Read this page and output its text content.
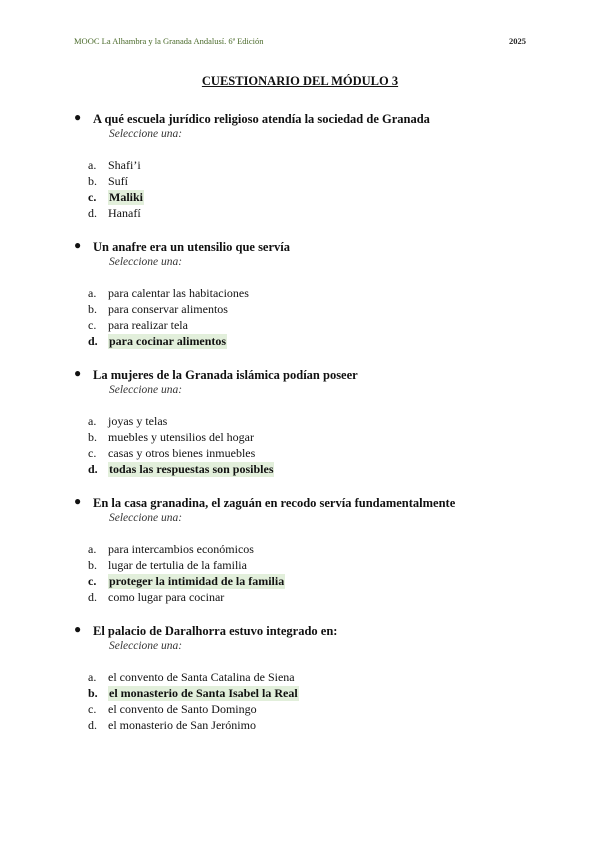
MOOC La Alhambra y la Granada Andalusí. 6ª Edición	2025
CUESTIONARIO DEL MÓDULO 3
● A qué escuela jurídico religioso atendía la sociedad de Granada
Seleccione una:
a. Shafi’i
b. Sufí
c.	Maliki
d. Hanafí
● Un anafre era un utensilio que servía
Seleccione una:
a. para calentar las habitaciones
b. para conservar alimentos
c. para realizar tela
d. para cocinar alimentos
● La mujeres de la Granada islámica podían poseer
Seleccione una:
a. joyas y telas
b. muebles y utensilios del hogar
c. casas y otros bienes inmuebles
d. todas las respuestas son posibles
● En la casa granadina, el zaguán en recodo servía fundamentalmente
Seleccione una:
a. para intercambios económicos
b. lugar de tertulia de la familia
c.	proteger la intimidad de la familia
d. como lugar para cocinar
● El palacio de Daralhorra estuvo integrado en:
Seleccione una:
a. el convento de Santa Catalina de Siena
b. el monasterio de Santa Isabel la Real
c. el convento de Santo Domingo
d. el monasterio de San Jerónimo
